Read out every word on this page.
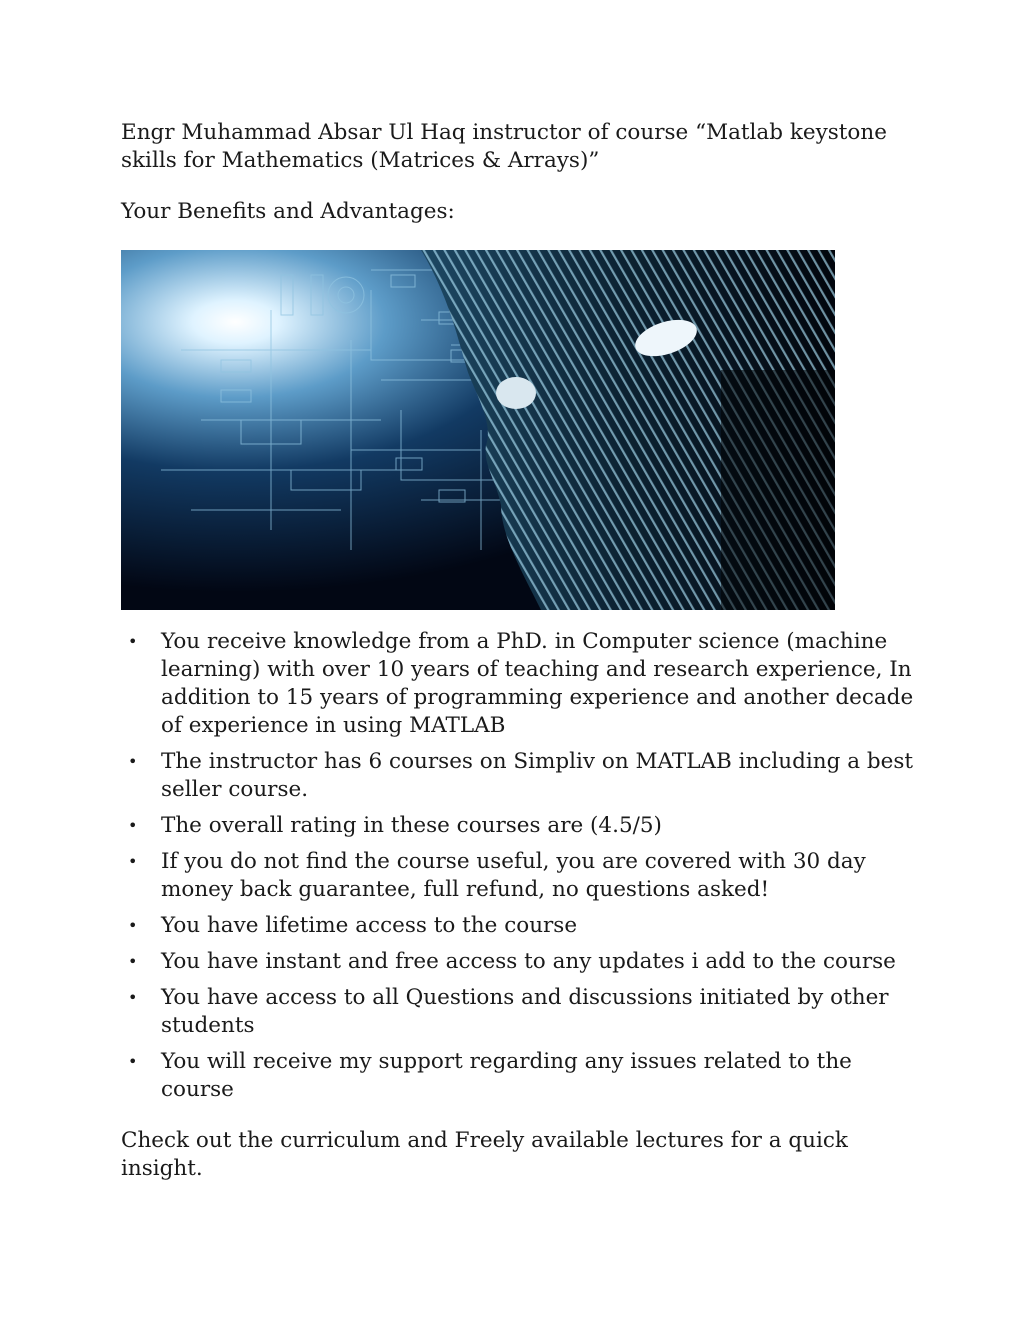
Engr Muhammad Absar Ul Haq instructor of course “Matlab keystone skills for Mathematics (Matrices & Arrays)”

Your Benefits and Advantages:

• You receive knowledge from a PhD. in Computer science (machine learning) with over 10 years of teaching and research experience, In addition to 15 years of programming experience and another decade of experience in using MATLAB
• The instructor has 6 courses on Simpliv on MATLAB including a best seller course.
• The overall rating in these courses are (4.5/5)
• If you do not find the course useful, you are covered with 30 day money back guarantee, full refund, no questions asked!
• You have lifetime access to the course
• You have instant and free access to any updates i add to the course
• You have access to all Questions and discussions initiated by other students
• You will receive my support regarding any issues related to the course

Check out the curriculum and Freely available lectures for a quick insight.
